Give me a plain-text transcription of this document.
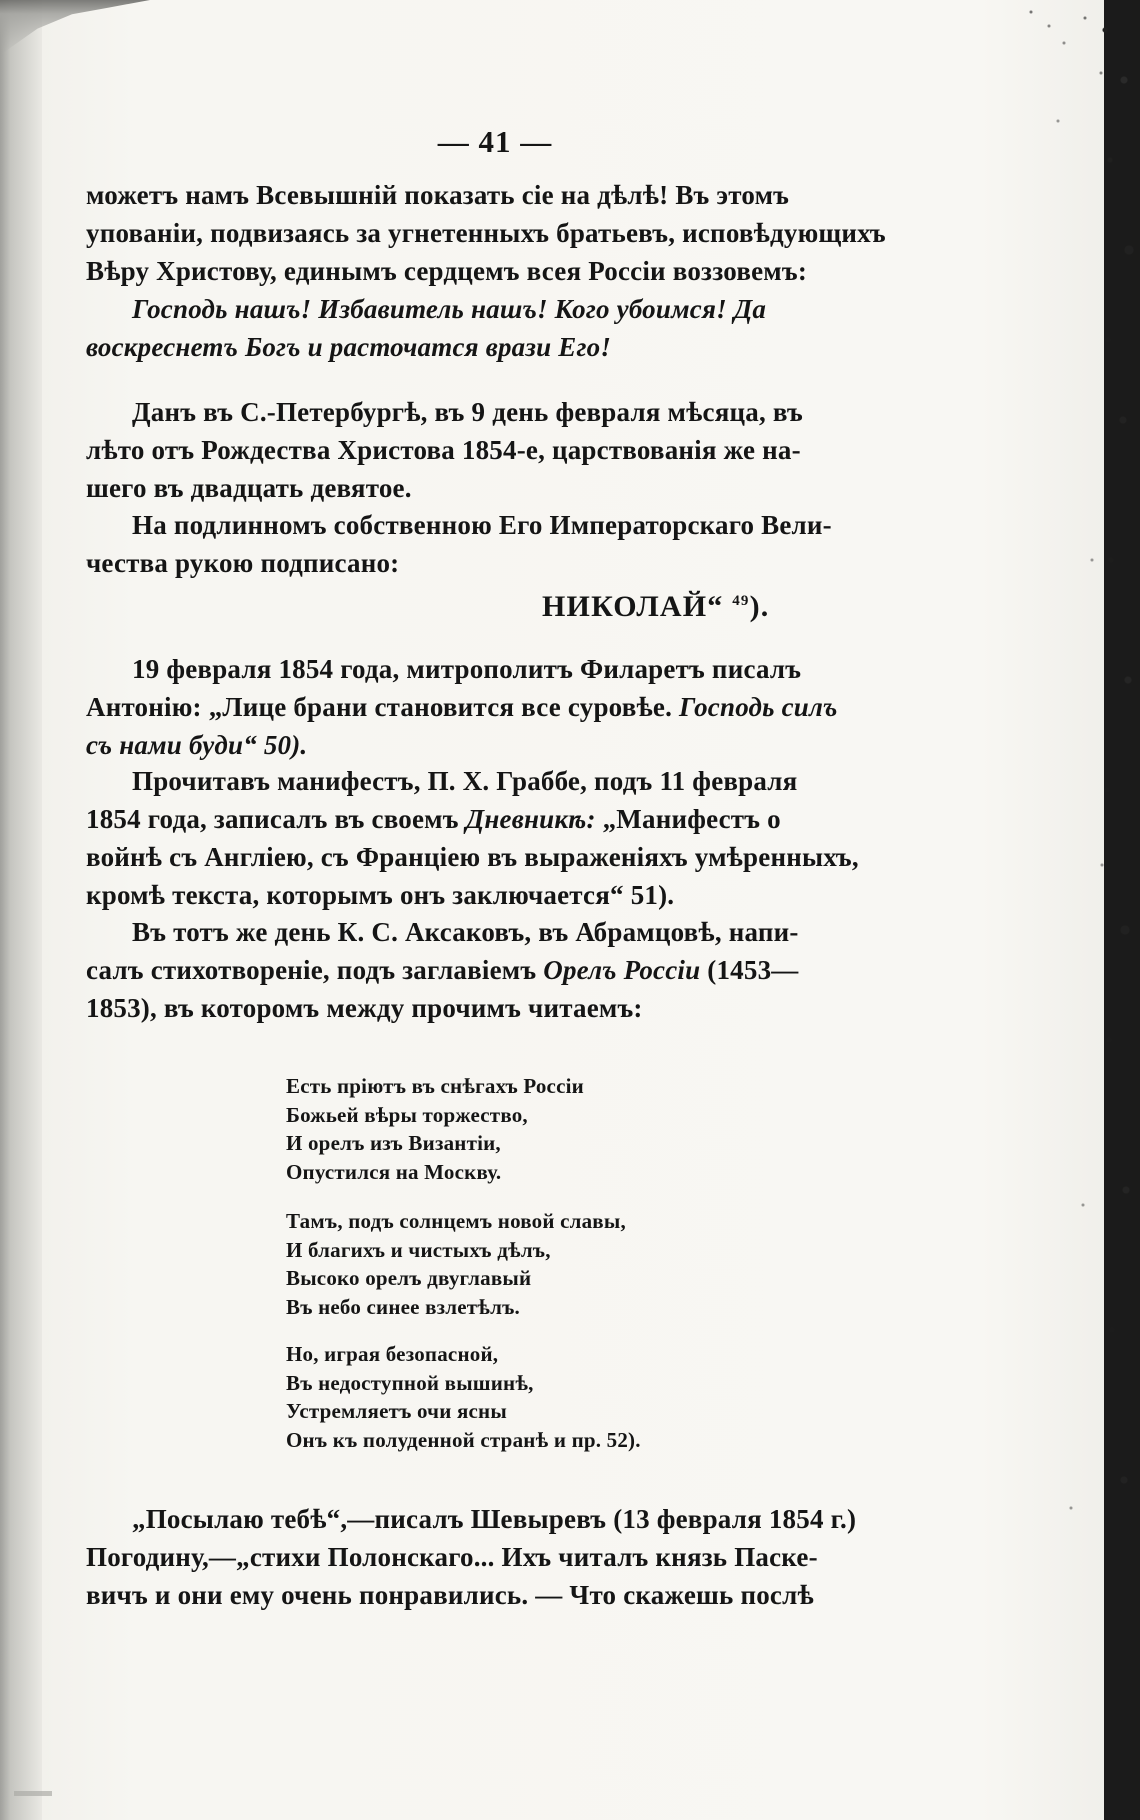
— 41 —
можетъ намъ Всевышній показать сіе на дѣлѣ! Въ этомъ
упованіи, подвизаясь за угнетенныхъ братьевъ, исповѣдующихъ
Вѣру Христову, единымъ сердцемъ всея Россіи воззовемъ:
Господь нашъ! Избавитель нашъ! Кого убоимся! Да
воскреснетъ Богъ и расточатся врази Его!
Данъ въ С.-Петербургѣ, въ 9 день февраля мѣсяца, въ
лѣто отъ Рождества Христова 1854-е, царствованія же на-
шего въ двадцать девятое.
На подлинномъ собственною Его Императорскаго Вели-
чества рукою подписано:
НИКОЛАЙ“ $^{49}$).
19 февраля 1854 года, митрополитъ Филаретъ писалъ
Антонію: „Лице брани становится все суровѣе. Господь силъ
съ нами буди“ 50).
Прочитавъ манифестъ, П. Х. Граббе, подъ 11 февраля
1854 года, записалъ въ своемъ Дневникѣ: „Манифестъ о
войнѣ съ Англіею, съ Франціею въ выраженіяхъ умѣренныхъ,
кромѣ текста, которымъ онъ заключается“ 51).
Въ тотъ же день К. С. Аксаковъ, въ Абрамцовѣ, напи-
салъ стихотвореніе, подъ заглавіемъ Орелъ Россіи (1453—
1853), въ которомъ между прочимъ читаемъ:
Есть пріютъ въ снѣгахъ Россіи
Божьей вѣры торжество,
И орелъ изъ Византіи,
Опустился на Москву.
Тамъ, подъ солнцемъ новой славы,
И благихъ и чистыхъ дѣлъ,
Высоко орелъ двуглавый
Въ небо синее взлетѣлъ.
Но, играя безопасной,
Въ недоступной вышинѣ,
Устремляетъ очи ясны
Онъ къ полуденной странѣ и пр. 52).
„Посылаю тебѣ“,—писалъ Шевыревъ (13 февраля 1854 г.)
Погодину,—„стихи Полонскаго... Ихъ читалъ князь Паске-
вичъ и они ему очень понравились. — Что скажешь послѣ
